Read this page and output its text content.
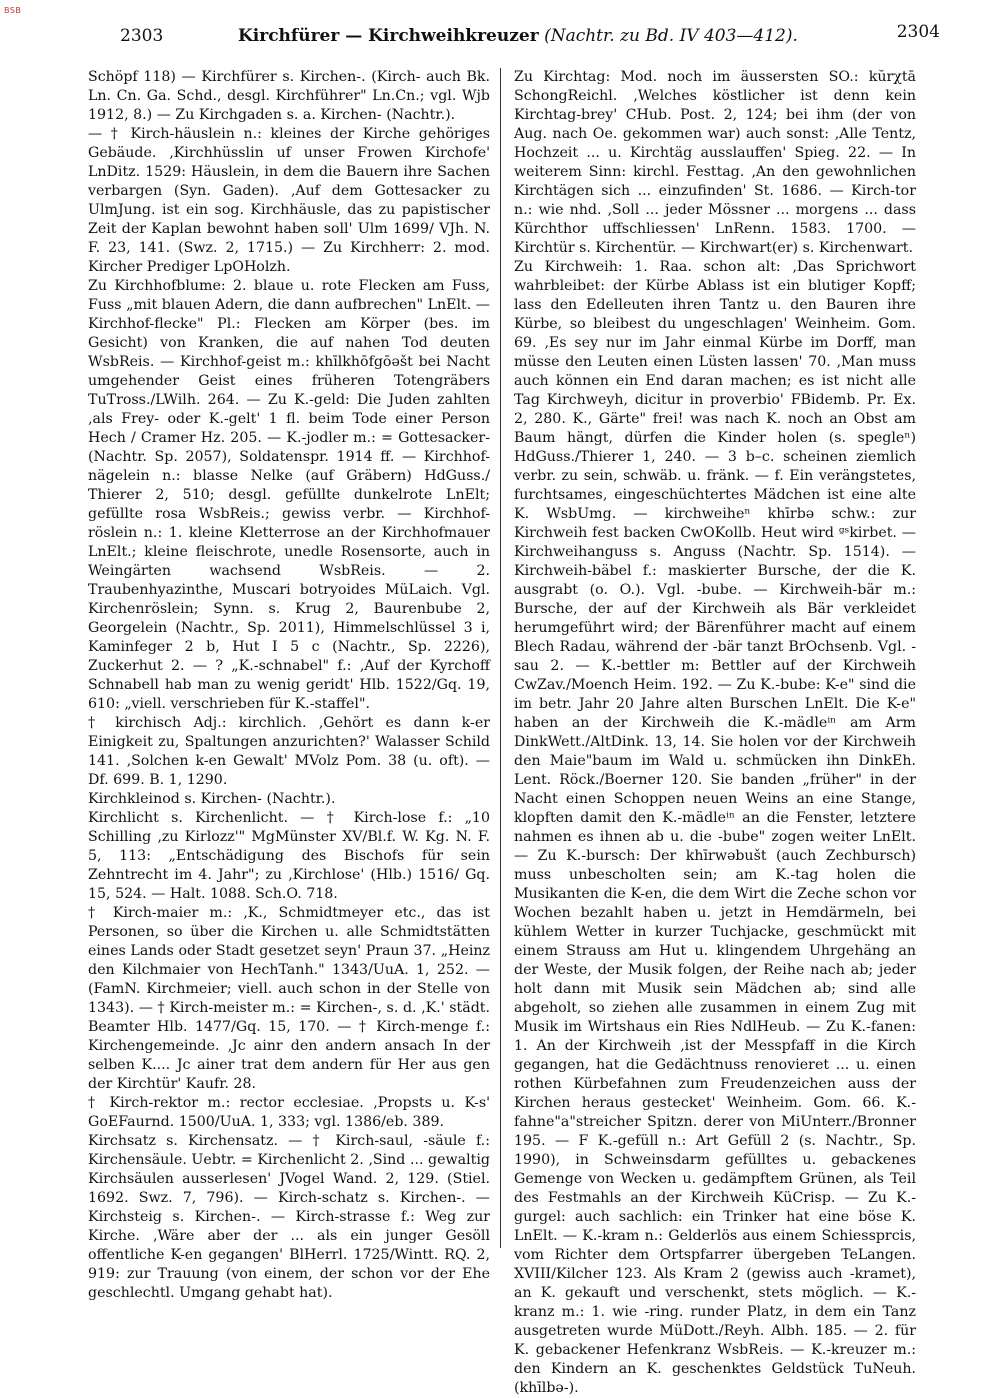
BSB
2303	Kirchfürer — Kirchweihkreuzer (Nachtr. zu Bd. IV 403—412).	2304

Schöpf 118) — Kirchfürer s. Kirchen-. (Kirch- auch Bk. Ln. Cn. Ga. Schd., desgl. Kirchführer" Ln.Cn.; vgl. Wjb 1912, 8.) — Zu Kirchgaden s. a. Kirchen- (Nachtr.).

— † Kirch-häuslein n.: kleines der Kirche gehöriges Gebäude. ‚Kirchhüsslin uf unser Frowen Kirchofe' LnDitz. 1529: Häuslein, in dem die Bauern ihre Sachen verbargen (Syn. Gaden). ‚Auf dem Gottesacker zu UlmJung. ist ein sog. Kirchhäusle, das zu papistischer Zeit der Kaplan bewohnt haben soll' Ulm 1699/ VJh. N. F. 23, 141. (Swz. 2, 1715.) — Zu Kirchherr: 2. mod. Kircher Prediger LpOHolzh.

Zu Kirchhofblume: 2. blaue u. rote Flecken am Fuss, Fuss „mit blauen Adern, die dann aufbrechen" LnElt. — Kirchhof-flecke" Pl.: Flecken am Körper (bes. im Gesicht) von Kranken, die auf nahen Tod deuten WsbReis. — Kirchhof-geist m.: khīlkhōfgōəšt bei Nacht umgehender Geist eines früheren Totengräbers TuTross./LWilh. 264. — Zu K.-geld: Die Juden zahlten ‚als Frey- oder K.-gelt' 1 fl. beim Tode einer Person Hech / Cramer Hz. 205. — K.-jodler m.: = Gottesacker- (Nachtr. Sp. 2057), Soldatenspr. 1914 ff. — Kirchhof-nägelein n.: blasse Nelke (auf Gräbern) HdGuss./ Thierer 2, 510; desgl. gefüllte dunkelrote LnElt; gefüllte rosa WsbReis.; gewiss verbr. — Kirchhof-röslein n.: 1. kleine Kletterrose an der Kirchhofmauer LnElt.; kleine fleischrote, unedle Rosensorte, auch in Weingärten wachsend WsbReis. — 2. Traubenhyazinthe, Muscari botryoides MüLaich. Vgl. Kirchenröslein; Synn. s. Krug 2, Baurenbube 2, Georgelein (Nachtr., Sp. 2011), Himmelschlüssel 3 i, Kaminfeger 2 b, Hut I 5 c (Nachtr., Sp. 2226), Zuckerhut 2. — ? „K.-schnabel" f.: ‚Auf der Kyrchoff Schnabell hab man zu wenig geridt' Hlb. 1522/Gq. 19, 610: „viell. verschrieben für K.-staffel".

† kirchisch Adj.: kirchlich. ‚Gehört es dann k-er Einigkeit zu, Spaltungen anzurichten?' Walasser Schild 141. ‚Solchen k-en Gewalt' MVolz Pom. 38 (u. oft). — Df. 699. B. 1, 1290.

Kirchkleinod s. Kirchen- (Nachtr.).

Kirchlicht s. Kirchenlicht. — † Kirch-lose f.: „10 Schilling ‚zu Kirlozz'" MgMünster XV/Bl.f. W. Kg. N. F. 5, 113: „Entschädigung des Bischofs für sein Zehntrecht im 4. Jahr"; zu ‚Kirchlose' (Hlb.) 1516/ Gq. 15, 524. — Halt. 1088. Sch.O. 718.

† Kirch-maier m.: ‚K., Schmidtmeyer etc., das ist Personen, so über die Kirchen u. alle Schmidtstätten eines Lands oder Stadt gesetzet seyn' Praun 37. „Heinz den Kilchmaier von HechTanh." 1343/UuA. 1, 252. — (FamN. Kirchmeier; viell. auch schon in der Stelle von 1343). — † Kirch-meister m.: = Kirchen-, s. d. ‚K.' städt. Beamter Hlb. 1477/Gq. 15, 170. — † Kirch-menge f.: Kirchengemeinde. ‚Jc ainr den andern ansach In der selben K.... Jc ainer trat dem andern für Her aus gen der Kirchtür' Kaufr. 28.

† Kirch-rektor m.: rector ecclesiae. ‚Propsts u. K-s' GoEFaurnd. 1500/UuA. 1, 333; vgl. 1386/eb. 389.

Kirchsatz s. Kirchensatz. — † Kirch-saul, -säule f.: Kirchensäule. Uebtr. = Kirchenlicht 2. ‚Sind ... gewaltig Kirchsäulen ausserlesen' JVogel Wand. 2, 129. (Stiel. 1692. Swz. 7, 796). — Kirch-schatz s. Kirchen-. — Kirchsteig s. Kirchen-. — Kirch-strasse f.: Weg zur Kirche. ‚Wäre aber der ... als ein junger Gesöll offentliche K-en gegangen' BlHerrl. 1725/Wintt. RQ. 2, 919: zur Trauung (von einem, der schon vor der Ehe geschlechtl. Umgang gehabt hat).

Zu Kirchtag: Mod. noch im äussersten SO.: kŭrχtā SchongReichl. ‚Welches köstlicher ist denn kein Kirchtag-brey' CHub. Post. 2, 124; bei ihm (der von Aug. nach Oe. gekommen war) auch sonst: ‚Alle Tentz, Hochzeit ... u. Kirchtäg ausslauffen' Spieg. 22. — In weiterem Sinn: kirchl. Festtag. ‚An den gewohnlichen Kirchtägen sich ... einzufinden' St. 1686. — Kirch-tor n.: wie nhd. ‚Soll ... jeder Mössner ... morgens ... dass Kürchthor uffschliessen' LnRenn. 1583. 1700. — Kirchtür s. Kirchentür. — Kirchwart(er) s. Kirchenwart.

Zu Kirchweih: 1. Raa. schon alt: ‚Das Sprichwort wahrbleibet: der Kürbe Ablass ist ein blutiger Kopff; lass den Edelleuten ihren Tantz u. den Bauren ihre Kürbe, so bleibest du ungeschlagen' Weinheim. Gom. 69. ‚Es sey nur im Jahr einmal Kürbe im Dorff, man müsse den Leuten einen Lüsten lassen' 70. ‚Man muss auch können ein End daran machen; es ist nicht alle Tag Kirchweyh, dicitur in proverbio' FBidemb. Pr. Ex. 2, 280. K., Gärte" frei! was nach K. noch an Obst am Baum hängt, dürfen die Kinder holen (s. spegleⁿ) HdGuss./Thierer 1, 240. — 3 b–c. scheinen ziemlich verbr. zu sein, schwäb. u. fränk. — f. Ein verängstetes, furchtsames, eingeschüchtertes Mädchen ist eine alte K. WsbUmg. — kirchweiheⁿ khīrbə schw.: zur Kirchweih fest backen CwOKollb. Heut wird ᵍˢkirbet. — Kirchweihanguss s. Anguss (Nachtr. Sp. 1514). — Kirchweih-bäbel f.: maskierter Bursche, der die K. ausgrabt (o. O.). Vgl. -bube. — Kirchweih-bär m.: Bursche, der auf der Kirchweih als Bär verkleidet herumgeführt wird; der Bärenführer macht auf einem Blech Radau, während der -bär tanzt BrOchsenb. Vgl. -sau 2. — K.-bettler m: Bettler auf der Kirchweih CwZav./Moench Heim. 192. — Zu K.-bube: K-e" sind die im betr. Jahr 20 Jahre alten Burschen LnElt. Die K-e" haben an der Kirchweih die K.-mädleⁱⁿ am Arm DinkWett./AltDink. 13, 14. Sie holen vor der Kirchweih den Maie"baum im Wald u. schmücken ihn DinkEh. Lent. Röck./Boerner 120. Sie banden „früher" in der Nacht einen Schoppen neuen Weins an eine Stange, klopften damit den K.-mädleⁱⁿ an die Fenster, letztere nahmen es ihnen ab u. die -bube" zogen weiter LnElt. — Zu K.-bursch: Der khīrwəbušt (auch Zechbursch) muss unbescholten sein; am K.-tag holen die Musikanten die K-en, die dem Wirt die Zeche schon vor Wochen bezahlt haben u. jetzt in Hemdärmeln, bei kühlem Wetter in kurzer Tuchjacke, geschmückt mit einem Strauss am Hut u. klingendem Uhrgehäng an der Weste, der Musik folgen, der Reihe nach ab; jeder holt dann mit Musik sein Mädchen ab; sind alle abgeholt, so ziehen alle zusammen in einem Zug mit Musik im Wirtshaus ein Ries NdlHeub. — Zu K.-fanen: 1. An der Kirchweih ‚ist der Messpfaff in die Kirch gegangen, hat die Gedächtnuss renovieret ... u. einen rothen Kürbefahnen zum Freudenzeichen auss der Kirchen heraus gestecket' Weinheim. Gom. 66. K.-fahne"a"streicher Spitzn. derer von MiUnterr./Bronner 195. — F K.-gefüll n.: Art Gefüll 2 (s. Nachtr., Sp. 1990), in Schweinsdarm gefülltes u. gebackenes Gemenge von Wecken u. gedämpftem Grünen, als Teil des Festmahls an der Kirchweih KüCrisp. — Zu K.-gurgel: auch sachlich: ein Trinker hat eine böse K. LnElt. — K.-kram n.: Gelderlös aus einem Schiessprcis, vom Richter dem Ortspfarrer übergeben TeLangen. XVIII/Kilcher 123. Als Kram 2 (gewiss auch -kramet), an K. gekauft und verschenkt, stets möglich. — K.-kranz m.: 1. wie -ring. runder Platz, in dem ein Tanz ausgetreten wurde MüDott./Reyh. Albh. 185. — 2. für K. gebackener Hefenkranz WsbReis. — K.-kreuzer m.: den Kindern an K. geschenktes Geldstück TuNeuh. (khīlbə-).
